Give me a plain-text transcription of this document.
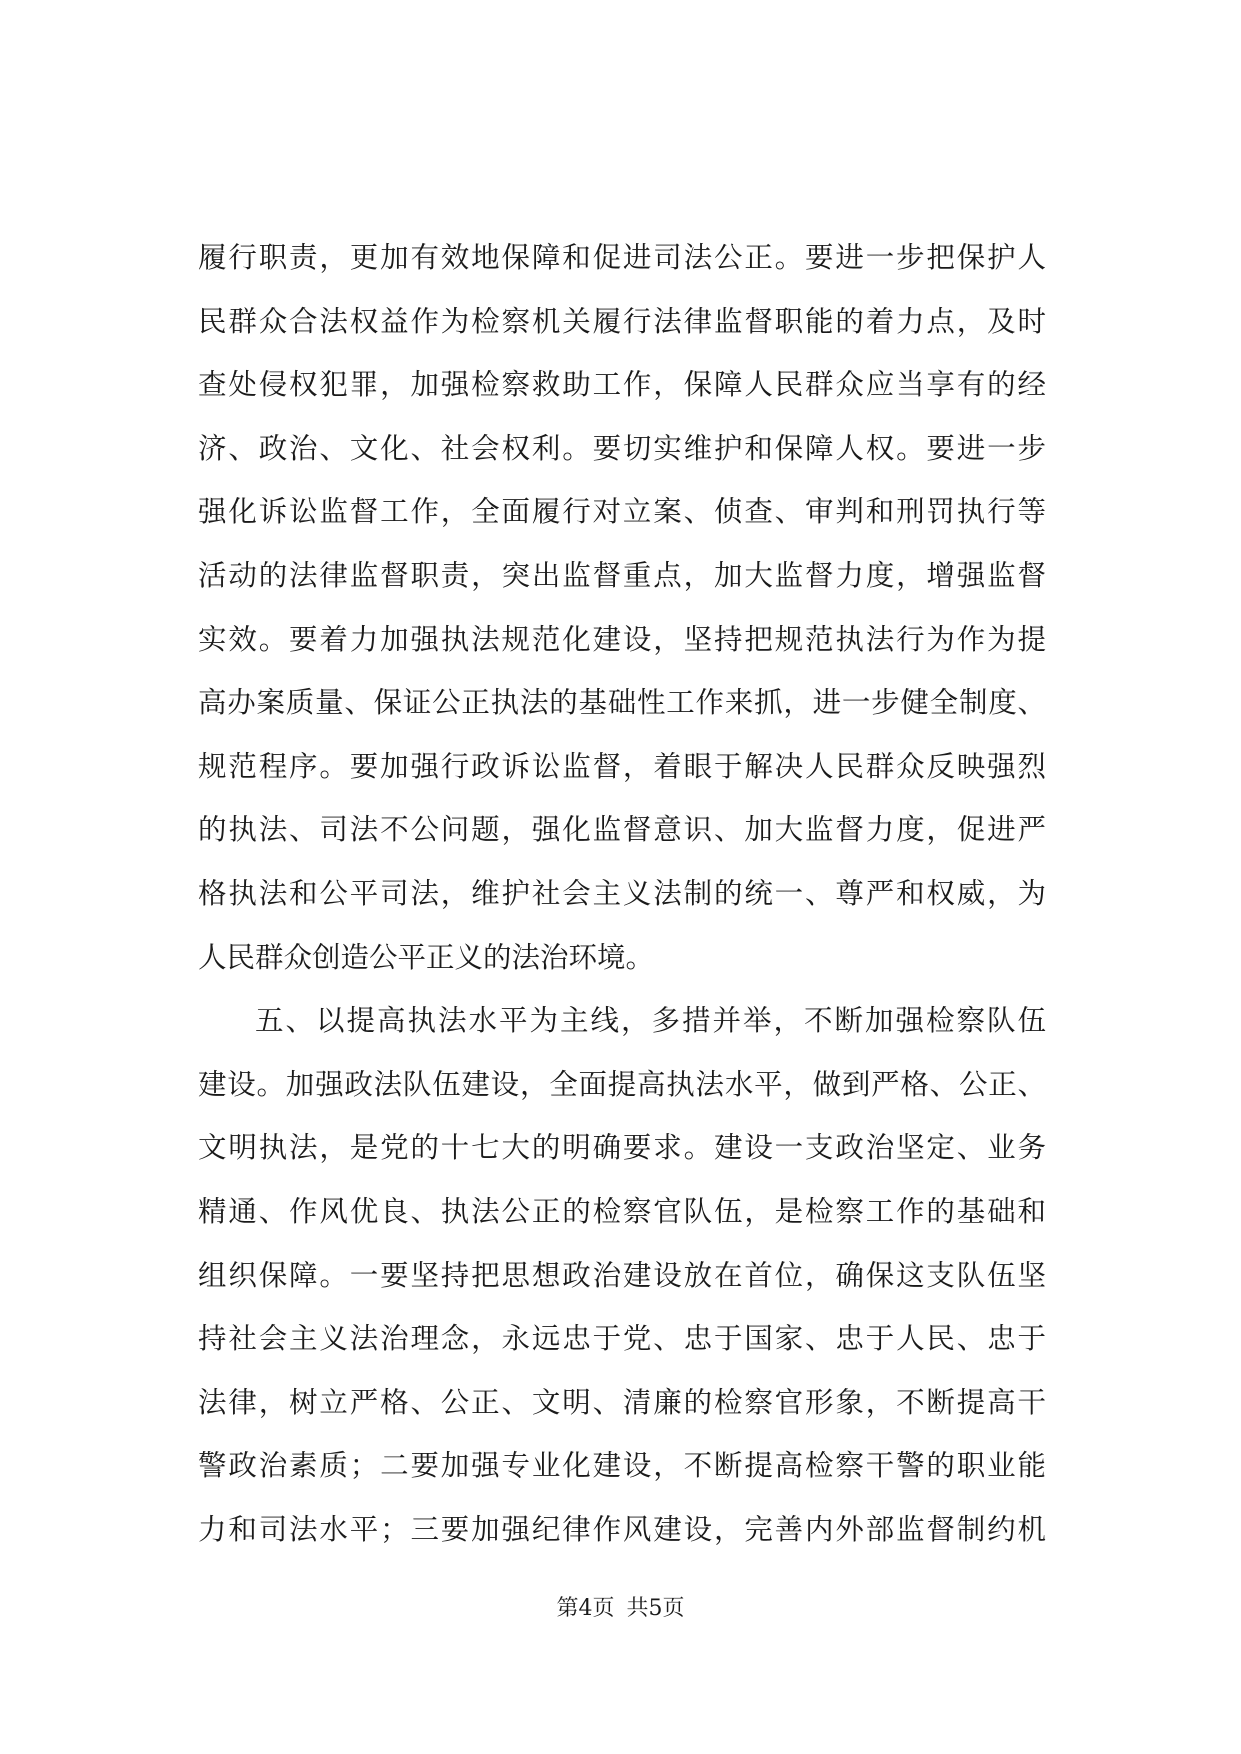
履行职责，更加有效地保障和促进司法公正。要进一步把保护人
民群众合法权益作为检察机关履行法律监督职能的着力点，及时
查处侵权犯罪，加强检察救助工作，保障人民群众应当享有的经
济、政治、文化、社会权利。要切实维护和保障人权。要进一步
强化诉讼监督工作，全面履行对立案、侦查、审判和刑罚执行等
活动的法律监督职责，突出监督重点，加大监督力度，增强监督
实效。要着力加强执法规范化建设，坚持把规范执法行为作为提
高办案质量、保证公正执法的基础性工作来抓，进一步健全制度、
规范程序。要加强行政诉讼监督，着眼于解决人民群众反映强烈
的执法、司法不公问题，强化监督意识、加大监督力度，促进严
格执法和公平司法，维护社会主义法制的统一、尊严和权威，为
人民群众创造公平正义的法治环境。
五、以提高执法水平为主线，多措并举，不断加强检察队伍
建设。加强政法队伍建设，全面提高执法水平，做到严格、公正、
文明执法，是党的十七大的明确要求。建设一支政治坚定、业务
精通、作风优良、执法公正的检察官队伍，是检察工作的基础和
组织保障。一要坚持把思想政治建设放在首位，确保这支队伍坚
持社会主义法治理念，永远忠于党、忠于国家、忠于人民、忠于
法律，树立严格、公正、文明、清廉的检察官形象，不断提高干
警政治素质；二要加强专业化建设，不断提高检察干警的职业能
力和司法水平；三要加强纪律作风建设，完善内外部监督制约机
第4页 共5页
